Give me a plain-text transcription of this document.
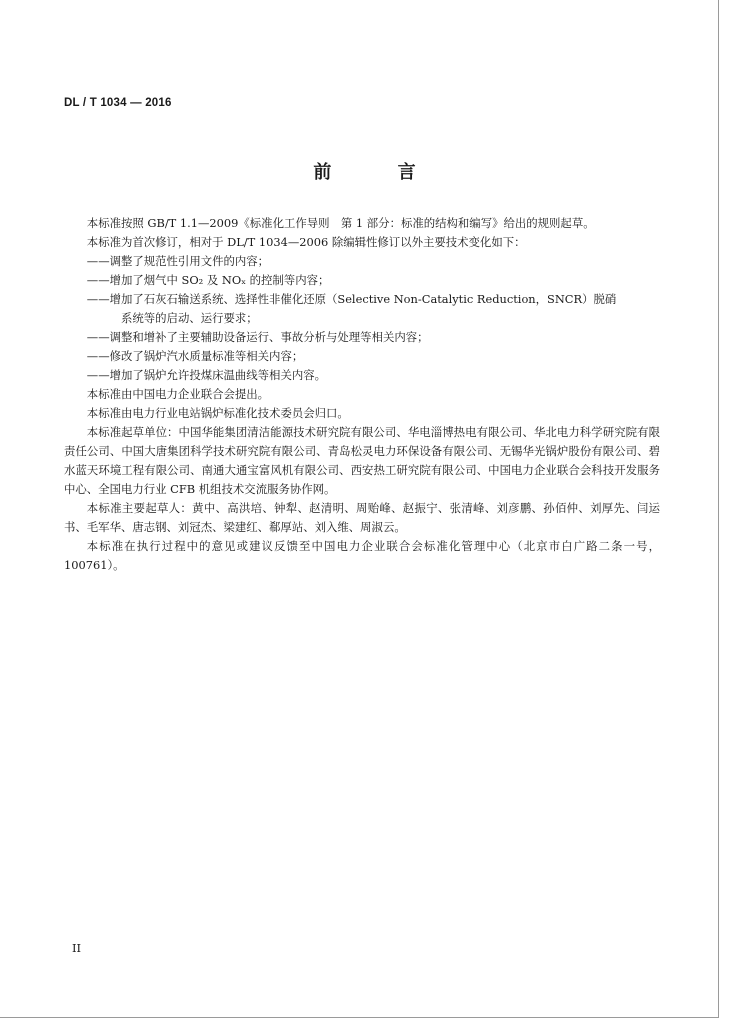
DL / T 1034 — 2016
前 言

本标准按照 GB/T 1.1—2009《标准化工作导则　第 1 部分：标准的结构和编写》给出的规则起草。

本标准为首次修订，相对于 DL/T 1034—2006 除编辑性修订以外主要技术变化如下：

——调整了规范性引用文件的内容；

——增加了烟气中 SO₂ 及 NOₓ 的控制等内容；

——增加了石灰石输送系统、选择性非催化还原（Selective Non-Catalytic Reduction，SNCR）脱硝

系统等的启动、运行要求；

——调整和增补了主要辅助设备运行、事故分析与处理等相关内容；

——修改了锅炉汽水质量标准等相关内容；

——增加了锅炉允许投煤床温曲线等相关内容。

本标准由中国电力企业联合会提出。

本标准由电力行业电站锅炉标准化技术委员会归口。

本标准起草单位：中国华能集团清洁能源技术研究院有限公司、华电淄博热电有限公司、华北电力科学研究院有限责任公司、中国大唐集团科学技术研究院有限公司、青岛松灵电力环保设备有限公司、无锡华光锅炉股份有限公司、碧水蓝天环境工程有限公司、南通大通宝富风机有限公司、西安热工研究院有限公司、中国电力企业联合会科技开发服务中心、全国电力行业 CFB 机组技术交流服务协作网。

本标准主要起草人：黄中、高洪培、钟犁、赵清明、周贻峰、赵振宁、张清峰、刘彦鹏、孙佰仲、刘厚先、闫运书、毛军华、唐志钢、刘冠杰、梁建红、郗厚站、刘入维、周淑云。

本标准在执行过程中的意见或建议反馈至中国电力企业联合会标准化管理中心（北京市白广路二条一号，100761）。

II
